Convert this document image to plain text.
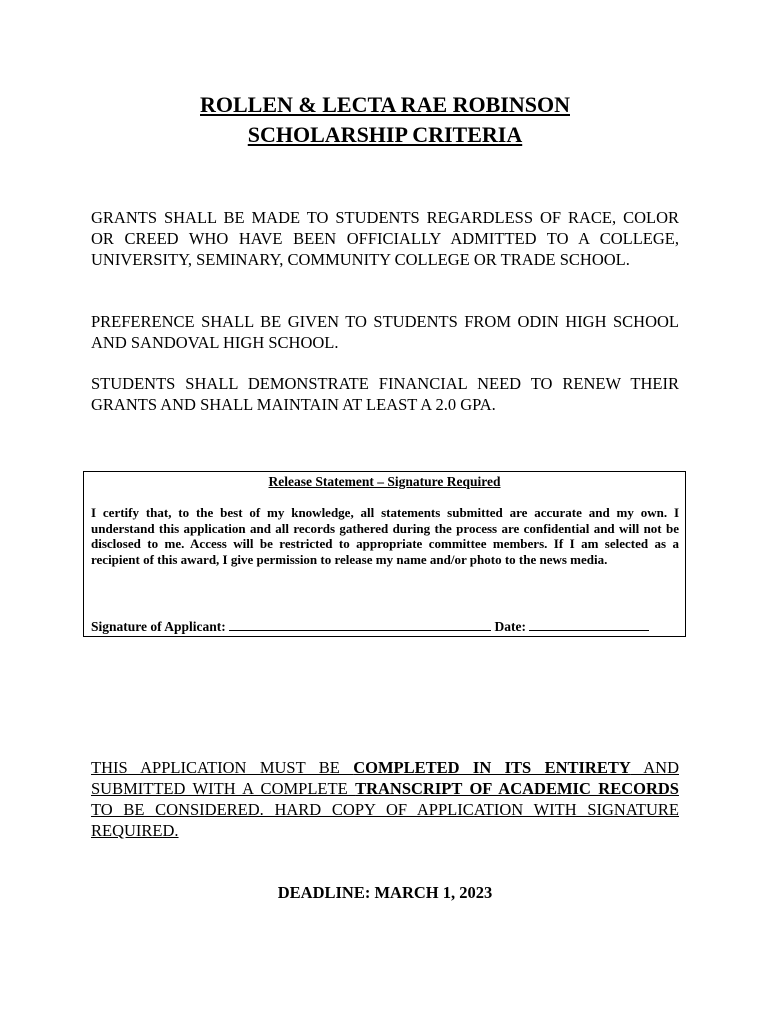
ROLLEN & LECTA RAE ROBINSON
SCHOLARSHIP CRITERIA
GRANTS SHALL BE MADE TO STUDENTS REGARDLESS OF RACE, COLOR OR CREED WHO HAVE BEEN OFFICIALLY ADMITTED TO A COLLEGE, UNIVERSITY, SEMINARY, COMMUNITY COLLEGE OR TRADE SCHOOL.
PREFERENCE SHALL BE GIVEN TO STUDENTS FROM ODIN HIGH SCHOOL AND SANDOVAL HIGH SCHOOL.
STUDENTS SHALL DEMONSTRATE FINANCIAL NEED TO RENEW THEIR GRANTS AND SHALL MAINTAIN AT LEAST A 2.0 GPA.
Release Statement – Signature Required
I certify that, to the best of my knowledge, all statements submitted are accurate and my own. I understand this application and all records gathered during the process are confidential and will not be disclosed to me. Access will be restricted to appropriate committee members. If I am selected as a recipient of this award, I give permission to release my name and/or photo to the news media.
Signature of Applicant:	Date:
THIS APPLICATION MUST BE COMPLETED IN ITS ENTIRETY AND SUBMITTED WITH A COMPLETE TRANSCRIPT OF ACADEMIC RECORDS TO BE CONSIDERED. HARD COPY OF APPLICATION WITH SIGNATURE REQUIRED.
DEADLINE: MARCH 1, 2023
